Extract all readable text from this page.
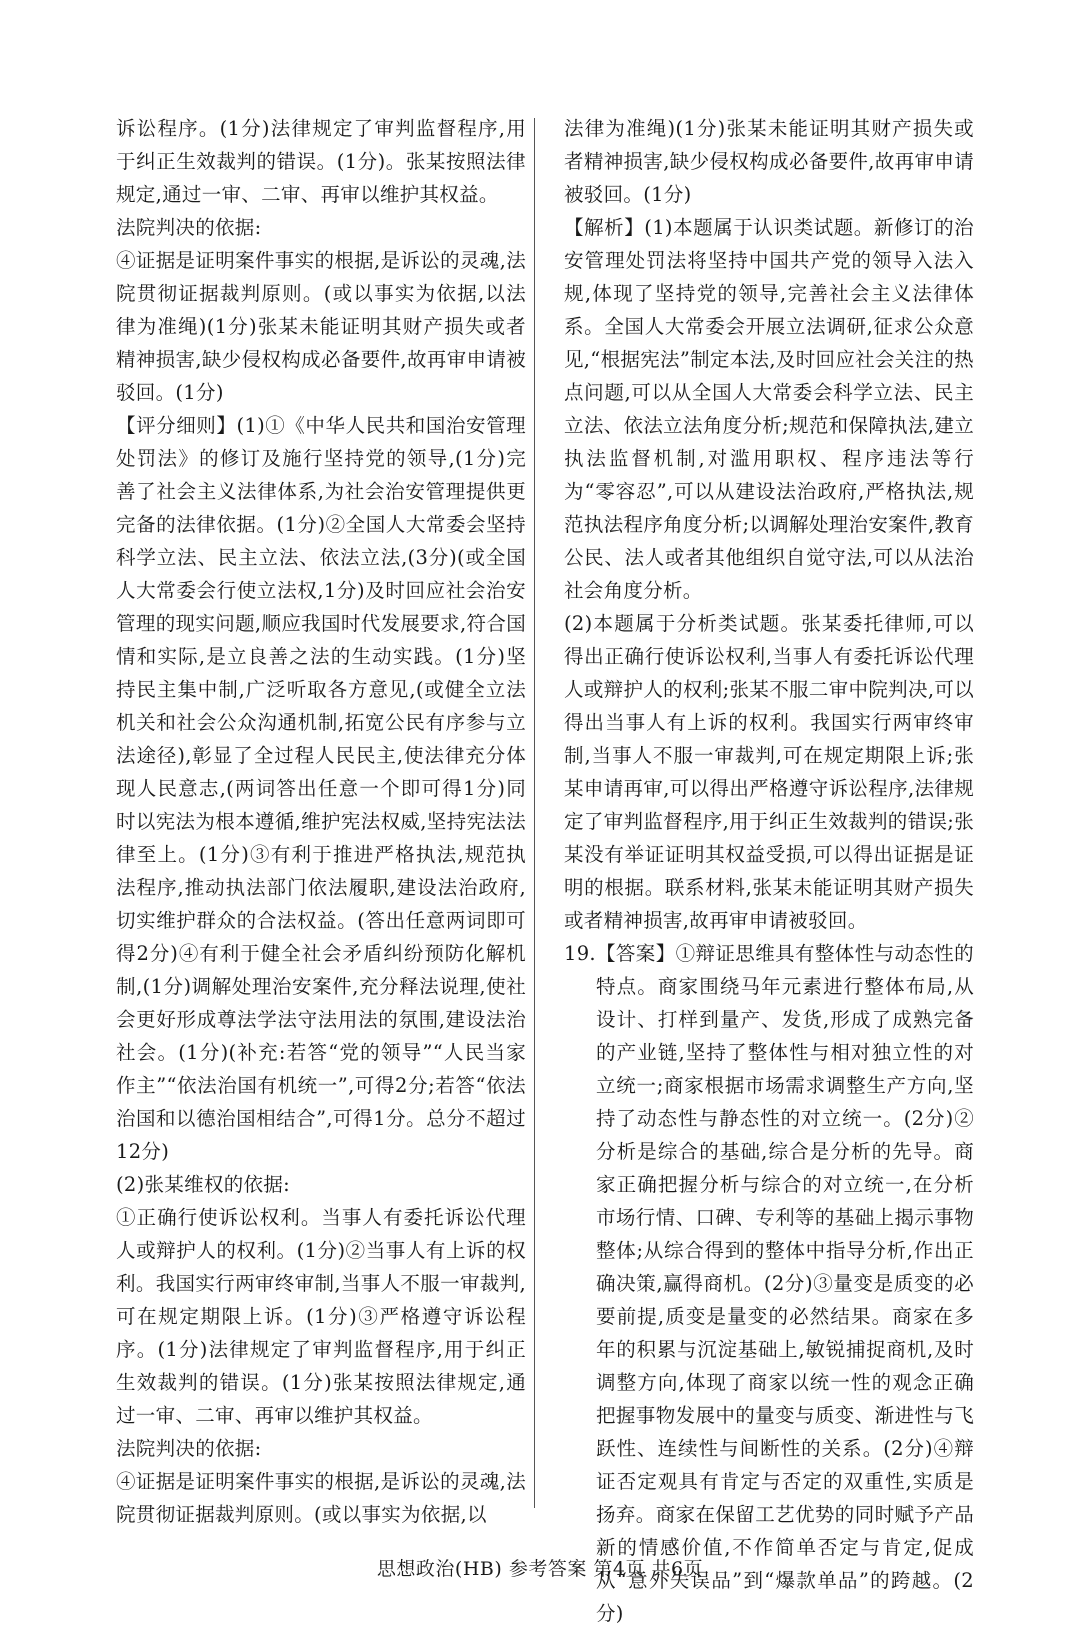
诉讼程序。(1分)法律规定了审判监督程序,用于纠正生效裁判的错误。(1分)。张某按照法律规定,通过一审、二审、再审以维护其权益。

法院判决的依据:

④证据是证明案件事实的根据,是诉讼的灵魂,法院贯彻证据裁判原则。(或以事实为依据,以法律为准绳)(1分)张某未能证明其财产损失或者精神损害,缺少侵权构成必备要件,故再审申请被驳回。(1分)

【评分细则】(1)①《中华人民共和国治安管理处罚法》的修订及施行坚持党的领导,(1分)完善了社会主义法律体系,为社会治安管理提供更完备的法律依据。(1分)②全国人大常委会坚持科学立法、民主立法、依法立法,(3分)(或全国人大常委会行使立法权,1分)及时回应社会治安管理的现实问题,顺应我国时代发展要求,符合国情和实际,是立良善之法的生动实践。(1分)坚持民主集中制,广泛听取各方意见,(或健全立法机关和社会公众沟通机制,拓宽公民有序参与立法途径),彰显了全过程人民民主,使法律充分体现人民意志,(两词答出任意一个即可得1分)同时以宪法为根本遵循,维护宪法权威,坚持宪法法律至上。(1分)③有利于推进严格执法,规范执法程序,推动执法部门依法履职,建设法治政府,切实维护群众的合法权益。(答出任意两词即可得2分)④有利于健全社会矛盾纠纷预防化解机制,(1分)调解处理治安案件,充分释法说理,使社会更好形成尊法学法守法用法的氛围,建设法治社会。(1分)(补充:若答“党的领导”“人民当家作主”“依法治国有机统一”,可得2分;若答“依法治国和以德治国相结合”,可得1分。总分不超过12分)

(2)张某维权的依据:

①正确行使诉讼权利。当事人有委托诉讼代理人或辩护人的权利。(1分)②当事人有上诉的权利。我国实行两审终审制,当事人不服一审裁判,可在规定期限上诉。(1分)③严格遵守诉讼程序。(1分)法律规定了审判监督程序,用于纠正生效裁判的错误。(1分)张某按照法律规定,通过一审、二审、再审以维护其权益。

法院判决的依据:

④证据是证明案件事实的根据,是诉讼的灵魂,法院贯彻证据裁判原则。(或以事实为依据,以

法律为准绳)(1分)张某未能证明其财产损失或者精神损害,缺少侵权构成必备要件,故再审申请被驳回。(1分)

【解析】(1)本题属于认识类试题。新修订的治安管理处罚法将坚持中国共产党的领导入法入规,体现了坚持党的领导,完善社会主义法律体系。全国人大常委会开展立法调研,征求公众意见,“根据宪法”制定本法,及时回应社会关注的热点问题,可以从全国人大常委会科学立法、民主立法、依法立法角度分析;规范和保障执法,建立执法监督机制,对滥用职权、程序违法等行为“零容忍”,可以从建设法治政府,严格执法,规范执法程序角度分析;以调解处理治安案件,教育公民、法人或者其他组织自觉守法,可以从法治社会角度分析。

(2)本题属于分析类试题。张某委托律师,可以得出正确行使诉讼权利,当事人有委托诉讼代理人或辩护人的权利;张某不服二审中院判决,可以得出当事人有上诉的权利。我国实行两审终审制,当事人不服一审裁判,可在规定期限上诉;张某申请再审,可以得出严格遵守诉讼程序,法律规定了审判监督程序,用于纠正生效裁判的错误;张某没有举证证明其权益受损,可以得出证据是证明的根据。联系材料,张某未能证明其财产损失或者精神损害,故再审申请被驳回。

19.【答案】①辩证思维具有整体性与动态性的特点。商家围绕马年元素进行整体布局,从设计、打样到量产、发货,形成了成熟完备的产业链,坚持了整体性与相对独立性的对立统一;商家根据市场需求调整生产方向,坚持了动态性与静态性的对立统一。(2分)②分析是综合的基础,综合是分析的先导。商家正确把握分析与综合的对立统一,在分析市场行情、口碑、专利等的基础上揭示事物整体;从综合得到的整体中指导分析,作出正确决策,赢得商机。(2分)③量变是质变的必要前提,质变是量变的必然结果。商家在多年的积累与沉淀基础上,敏锐捕捉商机,及时调整方向,体现了商家以统一性的观念正确把握事物发展中的量变与质变、渐进性与飞跃性、连续性与间断性的关系。(2分)④辩证否定观具有肯定与否定的双重性,实质是扬弃。商家在保留工艺优势的同时赋予产品新的情感价值,不作简单否定与肯定,促成从“意外失误品”到“爆款单品”的跨越。(2分)

思想政治(HB) 参考答案 第4页 共6页
